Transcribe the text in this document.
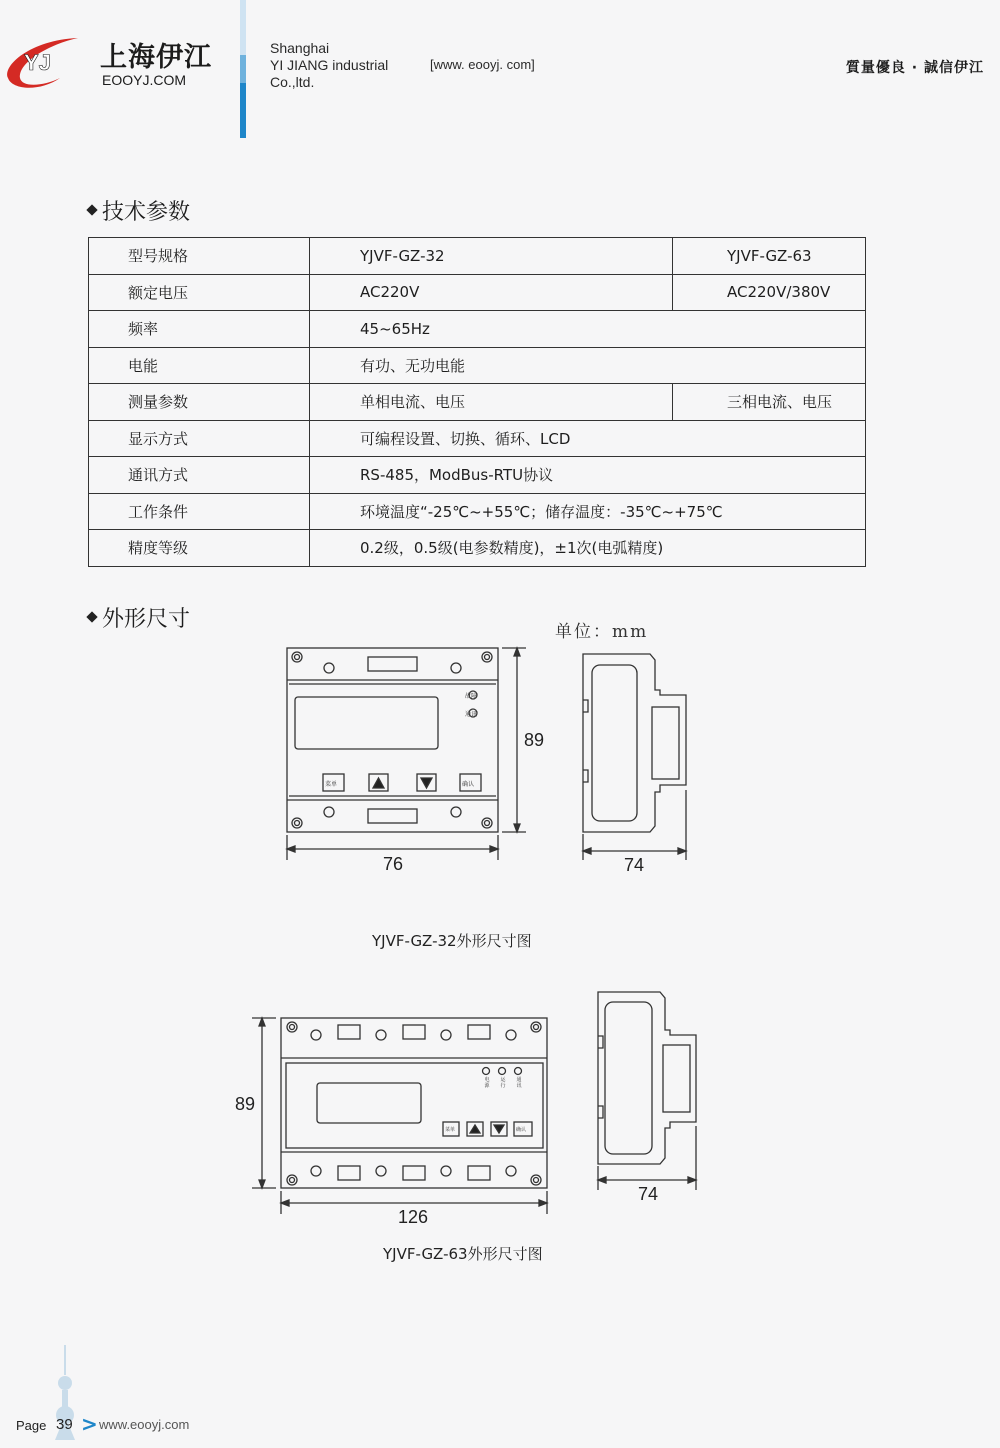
YJ 上海伊江
EOOYJ.COM
Shanghai
YI JIANG industrial
Co.,ltd.
[www. eooyj. com]	質量優良 · 誠信伊江
技术参数
型号规格	YJVF-GZ-32	YJVF-GZ-63
额定电压	AC220V	AC220V/380V
频率	45~65Hz	
电能	有功、无功电能	
测量参数	单相电流、电压	三相电流、电压
显示方式	可编程设置、切换、循环、LCD	
通讯方式	RS-485，ModBus-RTU协议	
工作条件	环境温度“-25℃~+55℃；储存温度：-35℃~+75℃	
精度等级	0.2级，0.5级(电参数精度)，±1次(电弧精度)	
外形尺寸	单位：mm
故障
通讯
菜单	确认
76
89
74
YJVF-GZ-32外形尺寸图
电源
运行
通讯
菜单	确认
89
126
74
YJVF-GZ-63外形尺寸图
Page 39 > www.eooyj.com
